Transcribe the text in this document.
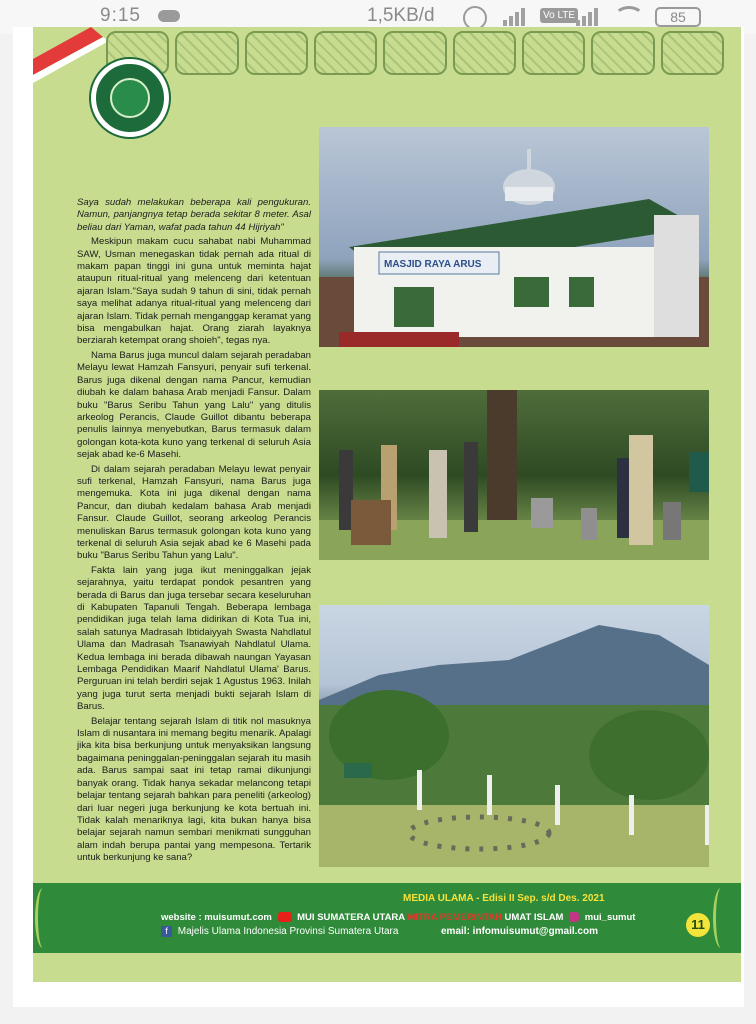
9:15	1,5KB/d	Vo LTE	85

Saya sudah melakukan beberapa kali pengukuran. Namun, panjangnya tetap berada sekitar 8 meter. Asal beliau dari Yaman, wafat pada tahun 44 Hijriyah"

Meskipun makam cucu sahabat nabi Muhammad SAW, Usman menegaskan tidak pernah ada ritual di makam papan tinggi ini guna untuk meminta hajat ataupun ritual-ritual yang melenceng dari ketentuan ajaran Islam."Saya sudah 9 tahun di sini, tidak pernah saya melihat adanya ritual-ritual yang melenceng dari ajaran Islam. Tidak pernah menganggap keramat yang bisa mengabulkan hajat. Orang ziarah layaknya berziarah ketempat orang shoieh", tegas nya.

Nama Barus juga muncul dalam sejarah peradaban Melayu lewat Hamzah Fansyuri, penyair sufi terkenal. Barus juga dikenal dengan nama Pancur, kemudian diubah ke dalam bahasa Arab menjadi Fansur. Dalam buku "Barus Seribu Tahun yang Lalu" yang ditulis arkeolog Perancis, Claude Guillot dibantu beberapa penulis lainnya menyebutkan, Barus termasuk dalam golongan kota-kota kuno yang terkenal di seluruh Asia sejak abad ke-6 Masehi.

Di dalam sejarah peradaban Melayu lewat penyair sufi terkenal, Hamzah Fansyuri, nama Barus juga mengemuka. Kota ini juga dikenal dengan nama Pancur, dan diubah kedalam bahasa Arab menjadi Fansur. Claude Guillot, seorang arkeolog Perancis menuliskan Barus termasuk golongan kota kuno yang terkenal di seluruh Asia sejak abad ke 6 Masehi pada buku "Barus Seribu Tahun yang Lalu".

Fakta lain yang juga ikut meninggalkan jejak sejarahnya, yaitu terdapat pondok pesantren yang berada di Barus dan juga tersebar secara keseluruhan di Kabupaten Tapanuli Tengah. Beberapa lembaga pendidikan juga telah lama didirikan di Kota Tua ini, salah satunya Madrasah Ibtidaiyyah Swasta Nahdlatul Ulama dan Madrasah Tsanawiyah Nahdlatul Ulama. Kedua lembaga ini berada dibawah naungan Yayasan Lembaga Pendidikan Maarif Nahdlatul Ulama' Barus. Perguruan ini telah berdiri sejak 1 Agustus 1963. Inilah yang juga turut serta menjadi bukti sejarah Islam di Barus.

Belajar tentang sejarah Islam di titik nol masuknya Islam di nusantara ini memang begitu menarik. Apalagi jika kita bisa berkunjung untuk menyaksikan langsung bagaimana peninggalan-peninggalan sejarah itu masih ada. Barus sampai saat ini tetap ramai dikunjungi banyak orang. Tidak hanya sekadar melancong tetapi belajar tentang sejarah bahkan para peneliti (arkeolog) dari luar negeri juga berkunjung ke kota bertuah ini. Tidak kalah menariknya lagi, kita bukan hanya bisa belajar sejarah namun sembari menikmati sungguhan alam indah berupa pantai yang mempesona. Tertarik untuk berkunjung ke sana?

MASJID RAYA ARUS
MEDIA ULAMA - Edisi II Sep. s/d Des. 2021
website : muisumut.com	MUI SUMATERA UTARA MITRA PEMERINTAH UMAT ISLAM mui_sumut
f Majelis Ulama Indonesia Provinsi Sumatera Utara	email: infomuisumut@gmail.com	11
